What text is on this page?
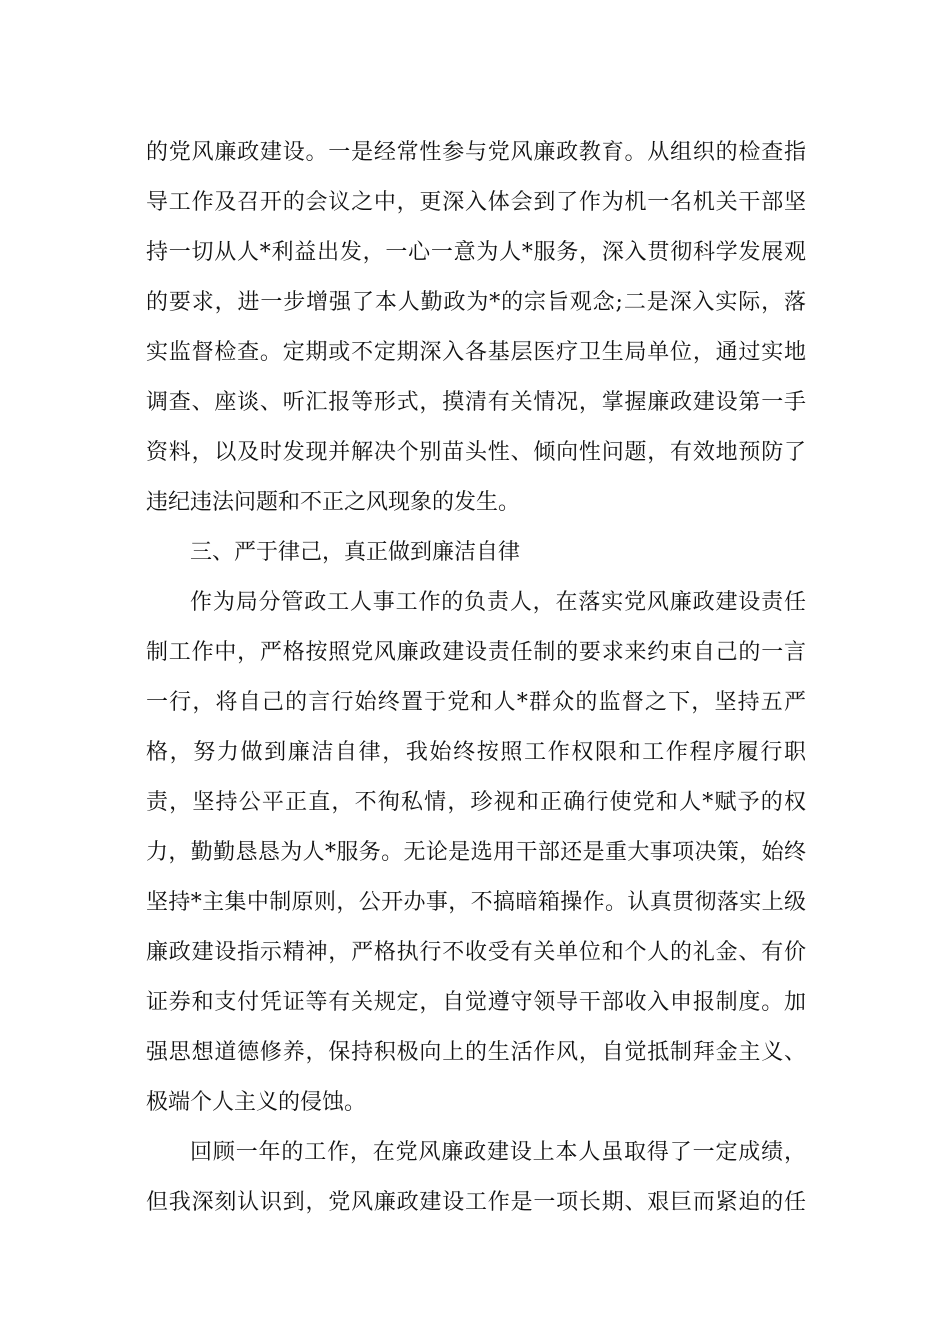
的党风廉政建设。一是经常性参与党风廉政教育。从组织的检查指
导工作及召开的会议之中，更深入体会到了作为机一名机关干部坚
持一切从人*利益出发，一心一意为人*服务，深入贯彻科学发展观
的要求，进一步增强了本人勤政为*的宗旨观念;二是深入实际，落
实监督检查。定期或不定期深入各基层医疗卫生局单位，通过实地
调查、座谈、听汇报等形式，摸清有关情况，掌握廉政建设第一手
资料，以及时发现并解决个别苗头性、倾向性问题，有效地预防了
违纪违法问题和不正之风现象的发生。
三、严于律己，真正做到廉洁自律
作为局分管政工人事工作的负责人，在落实党风廉政建设责任
制工作中，严格按照党风廉政建设责任制的要求来约束自己的一言
一行，将自己的言行始终置于党和人*群众的监督之下，坚持五严
格，努力做到廉洁自律，我始终按照工作权限和工作程序履行职
责，坚持公平正直，不徇私情，珍视和正确行使党和人*赋予的权
力，勤勤恳恳为人*服务。无论是选用干部还是重大事项决策，始终
坚持*主集中制原则，公开办事，不搞暗箱操作。认真贯彻落实上级
廉政建设指示精神，严格执行不收受有关单位和个人的礼金、有价
证券和支付凭证等有关规定，自觉遵守领导干部收入申报制度。加
强思想道德修养，保持积极向上的生活作风，自觉抵制拜金主义、
极端个人主义的侵蚀。
回顾一年的工作，在党风廉政建设上本人虽取得了一定成绩，
但我深刻认识到，党风廉政建设工作是一项长期、艰巨而紧迫的任
